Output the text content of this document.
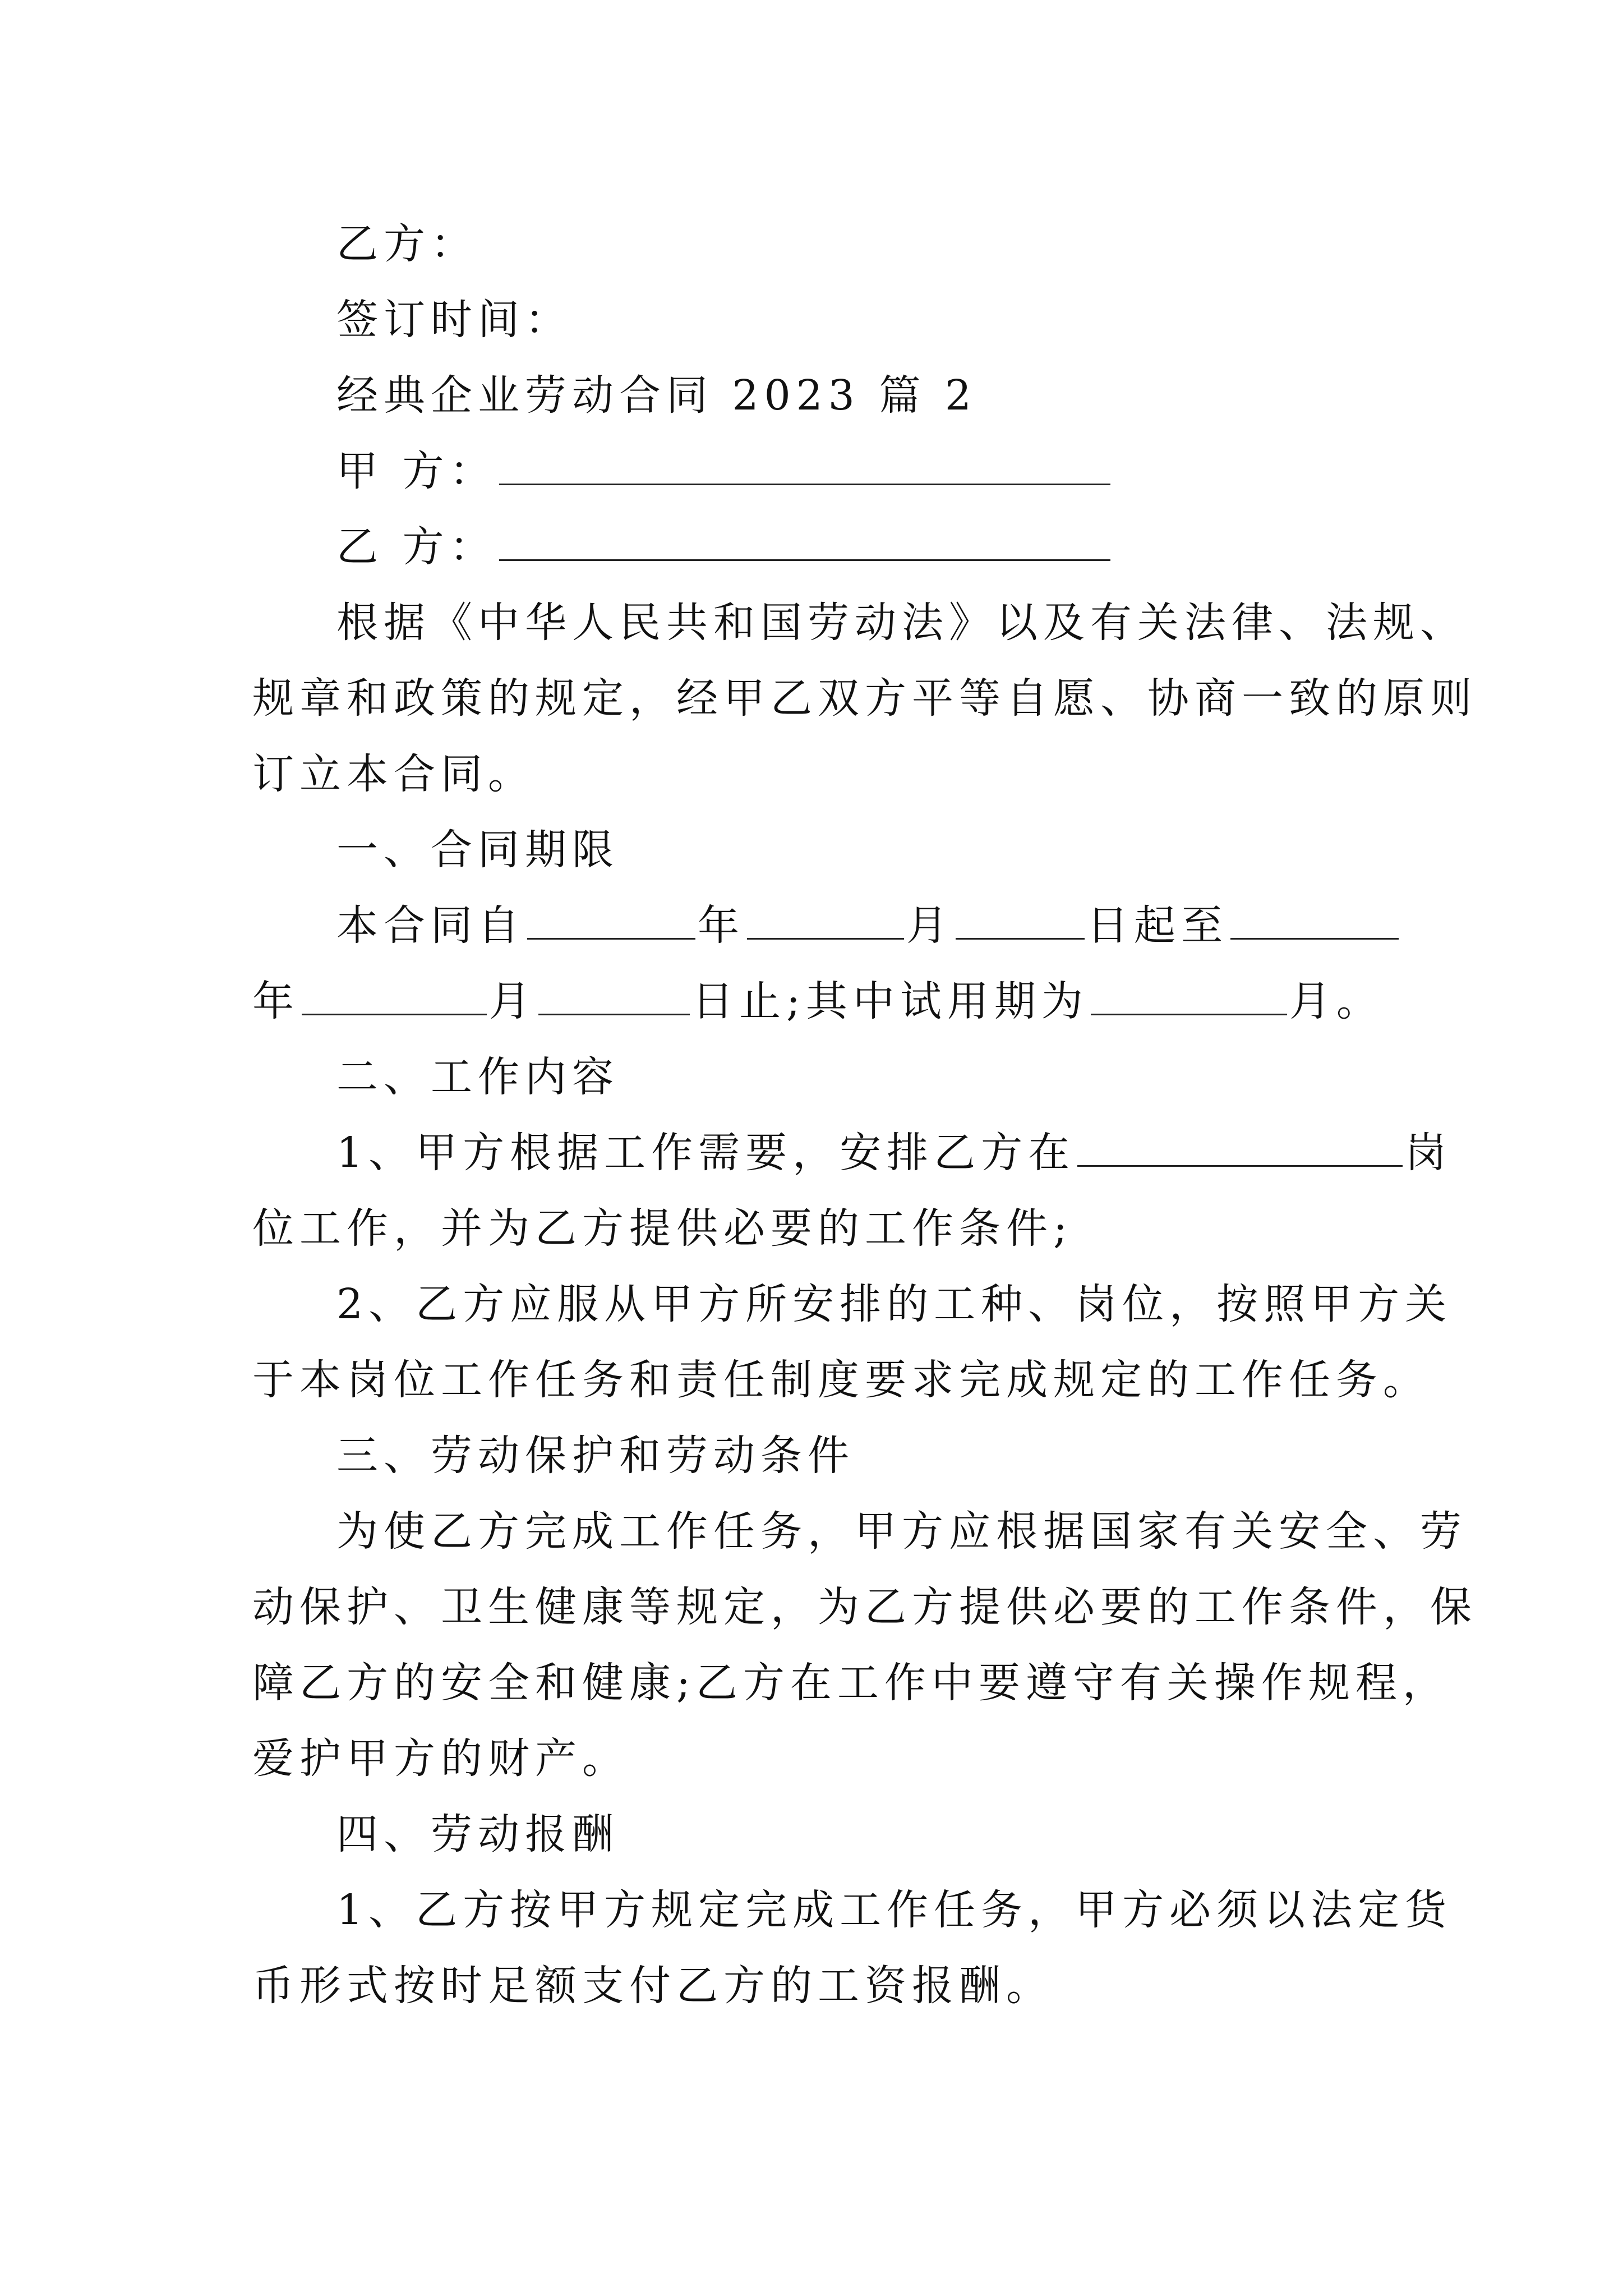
乙方：
签订时间：
经典企业劳动合同 2023 篇 2
甲 方：
乙 方：
根据《中华人民共和国劳动法》以及有关法律、法规、
规章和政策的规定，经甲乙双方平等自愿、协商一致的原则
订立本合同。
一、合同期限
本合同自	年	月	日起至
年	月	日止;其中试用期为	月。
二、工作内容
1、甲方根据工作需要，安排乙方在	岗
位工作，并为乙方提供必要的工作条件;
2、乙方应服从甲方所安排的工种、岗位，按照甲方关
于本岗位工作任务和责任制度要求完成规定的工作任务。
三、劳动保护和劳动条件
为使乙方完成工作任务，甲方应根据国家有关安全、劳
动保护、卫生健康等规定，为乙方提供必要的工作条件，保
障乙方的安全和健康;乙方在工作中要遵守有关操作规程，
爱护甲方的财产。
四、劳动报酬
1、乙方按甲方规定完成工作任务，甲方必须以法定货
币形式按时足额支付乙方的工资报酬。
